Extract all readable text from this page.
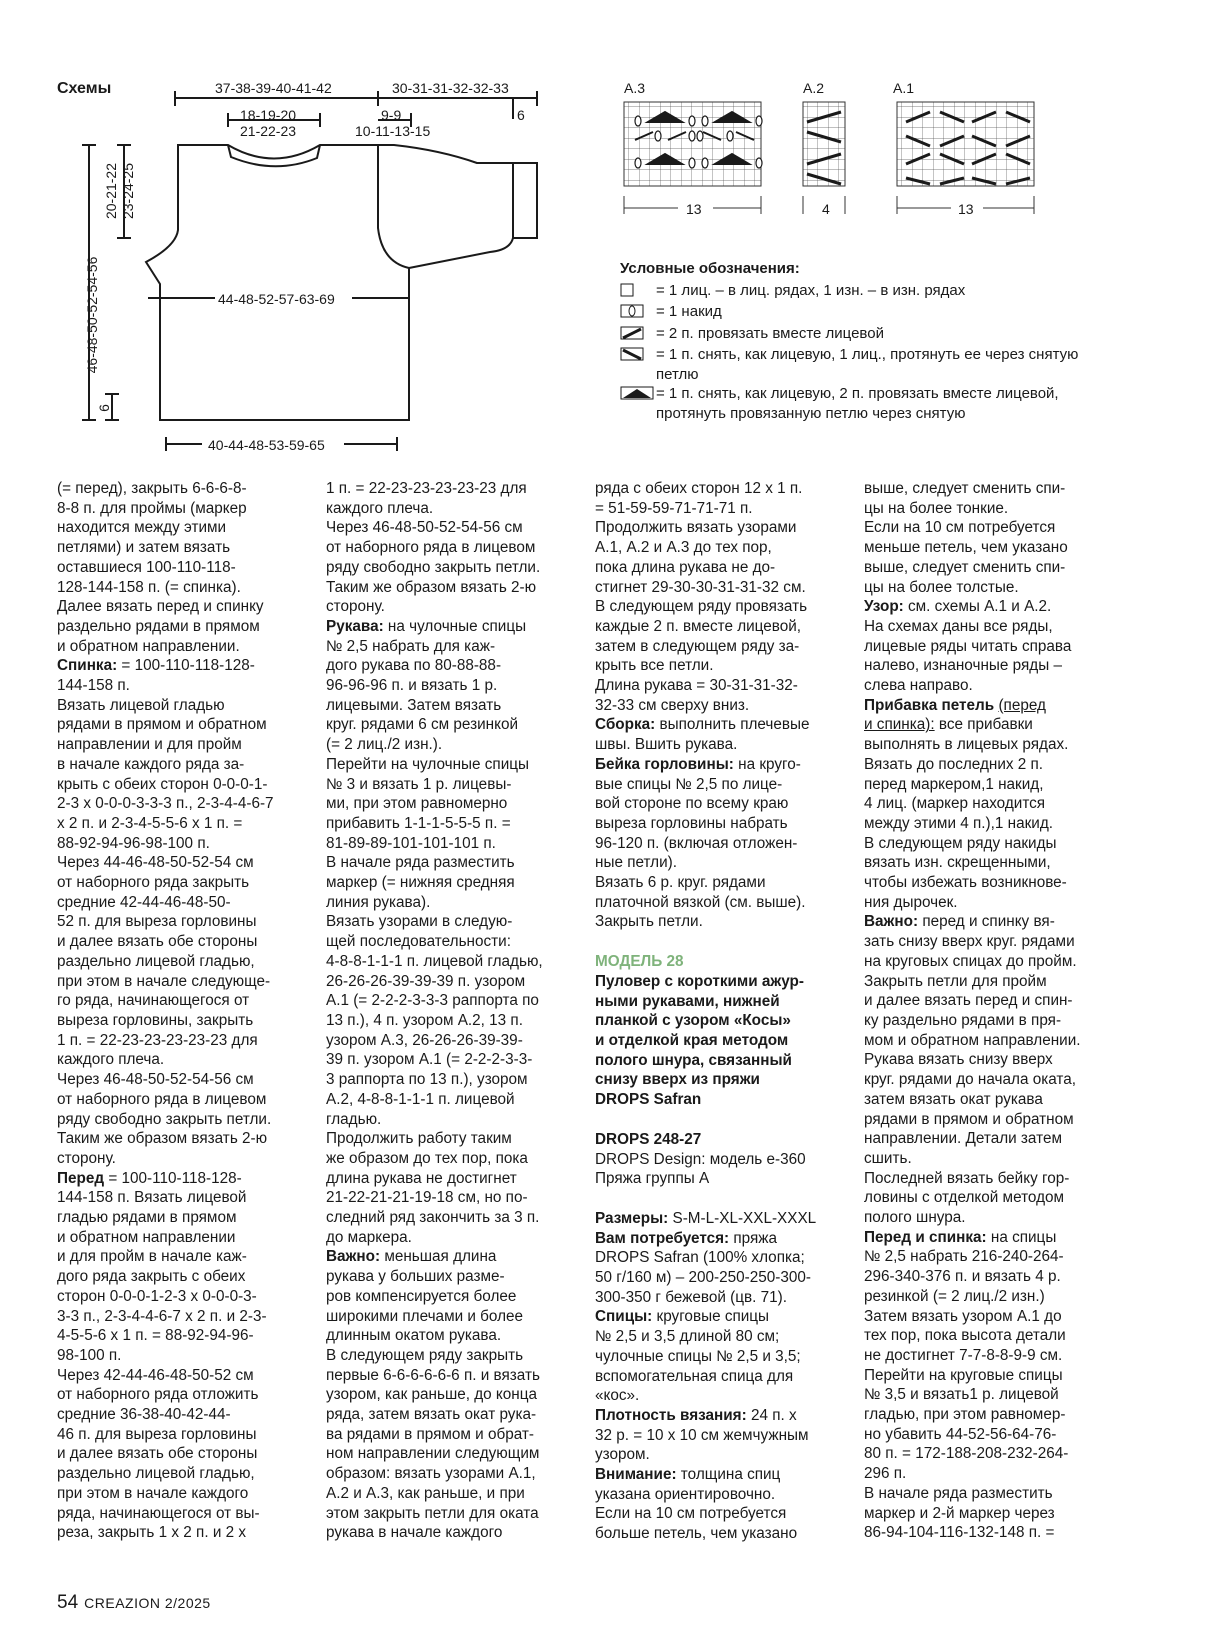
Схемы	37-38-39-40-41-42	30-31-31-32-32-33
18-19-20
21-22-23
9-9
10-11-13-15
6
44-48-52-57-63-69
40-44-48-53-59-65
46-48-50-52-54-56
20-21-22 23-24-25
6
A.3	A.2	A.1
13	4	13
Условные обозначения:
= 1 лиц. – в лиц. рядах, 1 изн. – в изн. рядах
= 1 накид
= 2 п. провязать вместе лицевой
= 1 п. снять, как лицевую, 1 лиц., протянуть ее через снятую петлю
= 1 п. снять, как лицевую, 2 п. провязать вместе лицевой, протянуть провязанную петлю через снятую

(= перед), закрыть 6-6-6-8-

8-8 п. для проймы (маркер

находится между этими

петлями) и затем вязать

оставшиеся 100-110-118-

128-144-158 п. (= спинка).

Далее вязать перед и спинку

раздельно рядами в прямом

и обратном направлении.

Спинка: = 100-110-118-128-

144-158 п.

Вязать лицевой гладью

рядами в прямом и обратном

направлении и для пройм

в начале каждого ряда за-

крыть с обеих сторон 0-0-0-1-

2-3 х 0-0-0-3-3-3 п., 2-3-4-4-6-7

х 2 п. и 2-3-4-5-5-6 х 1 п. =

88-92-94-96-98-100 п.

Через 44-46-48-50-52-54 см

от наборного ряда закрыть

средние 42-44-46-48-50-

52 п. для выреза горловины

и далее вязать обе стороны

раздельно лицевой гладью,

при этом в начале следующе-

го ряда, начинающегося от

выреза горловины, закрыть

1 п. = 22-23-23-23-23-23 для

каждого плеча.

Через 46-48-50-52-54-56 см

от наборного ряда в лицевом

ряду свободно закрыть петли.

Таким же образом вязать 2-ю

сторону.

Перед = 100-110-118-128-

144-158 п. Вязать лицевой

гладью рядами в прямом

и обратном направлении

и для пройм в начале каж-

дого ряда закрыть с обеих

сторон 0-0-0-1-2-3 х 0-0-0-3-

3-3 п., 2-3-4-4-6-7 х 2 п. и 2-3-

4-5-5-6 х 1 п. = 88-92-94-96-

98-100 п.

Через 42-44-46-48-50-52 см

от наборного ряда отложить

средние 36-38-40-42-44-

46 п. для выреза горловины

и далее вязать обе стороны

раздельно лицевой гладью,

при этом в начале каждого

ряда, начинающегося от вы-

реза, закрыть 1 х 2 п. и 2 х

1 п. = 22-23-23-23-23-23 для

каждого плеча.

Через 46-48-50-52-54-56 см

от наборного ряда в лицевом

ряду свободно закрыть петли.

Таким же образом вязать 2-ю

сторону.

Рукава: на чулочные спицы

№ 2,5 набрать для каж-

дого рукава по 80-88-88-

96-96-96 п. и вязать 1 р.

лицевыми. Затем вязать

круг. рядами 6 см резинкой

(= 2 лиц./2 изн.).

Перейти на чулочные спицы

№ 3 и вязать 1 р. лицевы-

ми, при этом равномерно

прибавить 1-1-1-5-5-5 п. =

81-89-89-101-101-101 п.

В начале ряда разместить

маркер (= нижняя средняя

линия рукава).

Вязать узорами в следую-

щей последовательности:

4-8-8-1-1-1 п. лицевой гладью,

26-26-26-39-39-39 п. узором

А.1 (= 2-2-2-3-3-3 раппорта по

13 п.), 4 п. узором А.2, 13 п.

узором А.3, 26-26-26-39-39-

39 п. узором А.1 (= 2-2-2-3-3-

3 раппорта по 13 п.), узором

А.2, 4-8-8-1-1-1 п. лицевой

гладью.

Продолжить работу таким

же образом до тех пор, пока

длина рукава не достигнет

21-22-21-21-19-18 см, но по-

следний ряд закончить за 3 п.

до маркера.

Важно: меньшая длина

рукава у больших разме-

ров компенсируется более

широкими плечами и более

длинным окатом рукава.

В следующем ряду закрыть

первые 6-6-6-6-6-6 п. и вязать

узором, как раньше, до конца

ряда, затем вязать окат рука-

ва рядами в прямом и обрат-

ном направлении следующим

образом: вязать узорами А.1,

А.2 и А.3, как раньше, и при

этом закрыть петли для оката

рукава в начале каждого

ряда с обеих сторон 12 х 1 п.

= 51-59-59-71-71-71 п.

Продолжить вязать узорами

А.1, А.2 и А.3 до тех пор,

пока длина рукава не до-

стигнет 29-30-30-31-31-32 см.

В следующем ряду провязать

каждые 2 п. вместе лицевой,

затем в следующем ряду за-

крыть все петли.

Длина рукава = 30-31-31-32-

32-33 см сверху вниз.

Сборка: выполнить плечевые

швы. Вшить рукава.

Бейка горловины: на круго-

вые спицы № 2,5 по лице-

вой стороне по всему краю

выреза горловины набрать

96-120 п. (включая отложен-

ные петли).

Вязать 6 р. круг. рядами

платочной вязкой (см. выше).

Закрыть петли.

МОДЕЛЬ 28

Пуловер с короткими ажур-

ными рукавами, нижней

планкой с узором «Косы»

и отделкой края методом

полого шнура, связанный

снизу вверх из пряжи

DROPS Safran

DROPS 248-27

DROPS Design: модель e-360

Пряжа группы А

Размеры: S-M-L-XL-XXL-XXXL

Вам потребуется: пряжа

DROPS Safran (100% хлопка;

50 г/160 м) – 200-250-250-300-

300-350 г бежевой (цв. 71).

Спицы: круговые спицы

№ 2,5 и 3,5 длиной 80 см;

чулочные спицы № 2,5 и 3,5;

вспомогательная спица для

«кос».

Плотность вязания: 24 п. х

32 р. = 10 х 10 см жемчужным

узором.

Внимание: толщина спиц

указана ориентировочно.

Если на 10 см потребуется

больше петель, чем указано

выше, следует сменить спи-

цы на более тонкие.

Если на 10 см потребуется

меньше петель, чем указано

выше, следует сменить спи-

цы на более толстые.

Узор: см. схемы А.1 и А.2.

На схемах даны все ряды,

лицевые ряды читать справа

налево, изнаночные ряды –

слева направо.

Прибавка петель (перед

и спинка): все прибавки

выполнять в лицевых рядах.

Вязать до последних 2 п.

перед маркером,1 накид,

4 лиц. (маркер находится

между этими 4 п.),1 накид.

В следующем ряду накиды

вязать изн. скрещенными,

чтобы избежать возникнове-

ния дырочек.

Важно: перед и спинку вя-

зать снизу вверх круг. рядами

на круговых спицах до пройм.

Закрыть петли для пройм

и далее вязать перед и спин-

ку раздельно рядами в пря-

мом и обратном направлении.

Рукава вязать снизу вверх

круг. рядами до начала оката,

затем вязать окат рукава

рядами в прямом и обратном

направлении. Детали затем

сшить.

Последней вязать бейку гор-

ловины с отделкой методом

полого шнура.

Перед и спинка: на спицы

№ 2,5 набрать 216-240-264-

296-340-376 п. и вязать 4 р.

резинкой (= 2 лиц./2 изн.)

Затем вязать узором А.1 до

тех пор, пока высота детали

не достигнет 7-7-8-8-9-9 см.

Перейти на круговые спицы

№ 3,5 и вязать1 р. лицевой

гладью, при этом равномер-

но убавить 44-52-56-64-76-

80 п. = 172-188-208-232-264-

296 п.

В начале ряда разместить

маркер и 2-й маркер через

86-94-104-116-132-148 п. =

54 CREAZION 2/2025
